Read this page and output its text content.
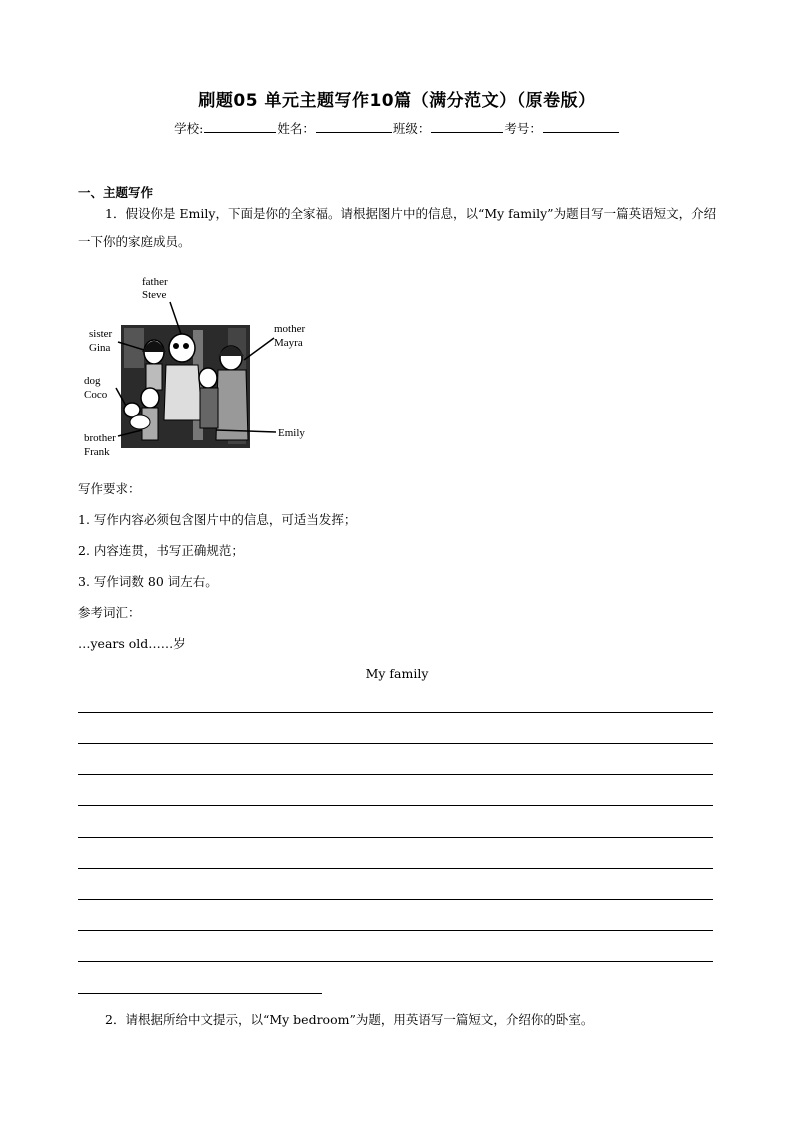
刷题05 单元主题写作10篇（满分范文）（原卷版）
学校:	姓名：	班级：	考号：
一、主题写作
1．假设你是 Emily，下面是你的全家福。请根据图片中的信息，以“My family”为题目写一篇英语短文，介绍一下你的家庭成员。
father
Steve
sister
Gina
dog
Coco
brother
Frank
mother
Mayra
Emily
写作要求：
1. 写作内容必须包含图片中的信息，可适当发挥；
2. 内容连贯，书写正确规范；
3. 写作词数 80 词左右。
参考词汇：
…years old……岁
My family
2．请根据所给中文提示，以“My bedroom”为题，用英语写一篇短文，介绍你的卧室。
